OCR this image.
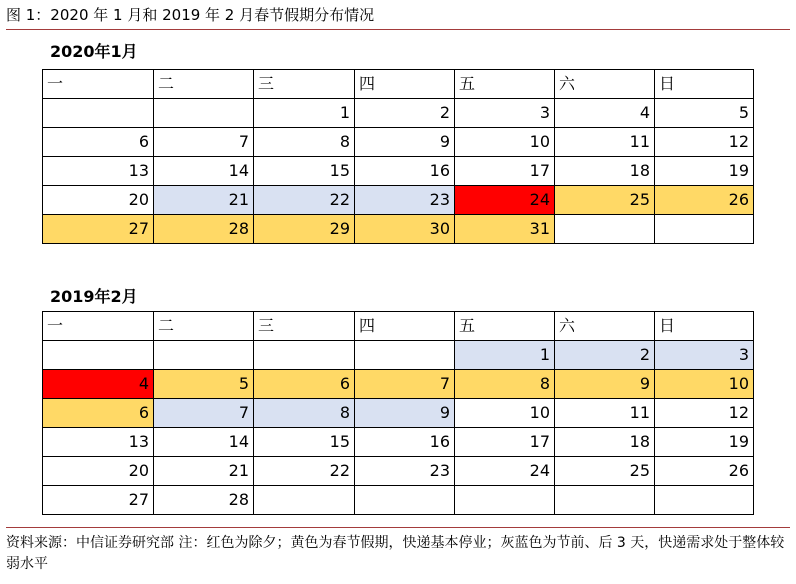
图 1：2020 年 1 月和 2019 年 2 月春节假期分布情况
2020年1月
一	二	三	四	五	六	日
		1	2	3	4	5
6	7	8	9	10	11	12
13	14	15	16	17	18	19
20	21	22	23	24	25	26
27	28	29	30	31		
2019年2月
一	二	三	四	五	六	日
				1	2	3
4	5	6	7	8	9	10
6	7	8	9	10	11	12
13	14	15	16	17	18	19
20	21	22	23	24	25	26
27	28					
资料来源：中信证券研究部 注：红色为除夕；黄色为春节假期，快递基本停业；灰蓝色为节前、后 3 天，快递需求处于整体较弱水平
